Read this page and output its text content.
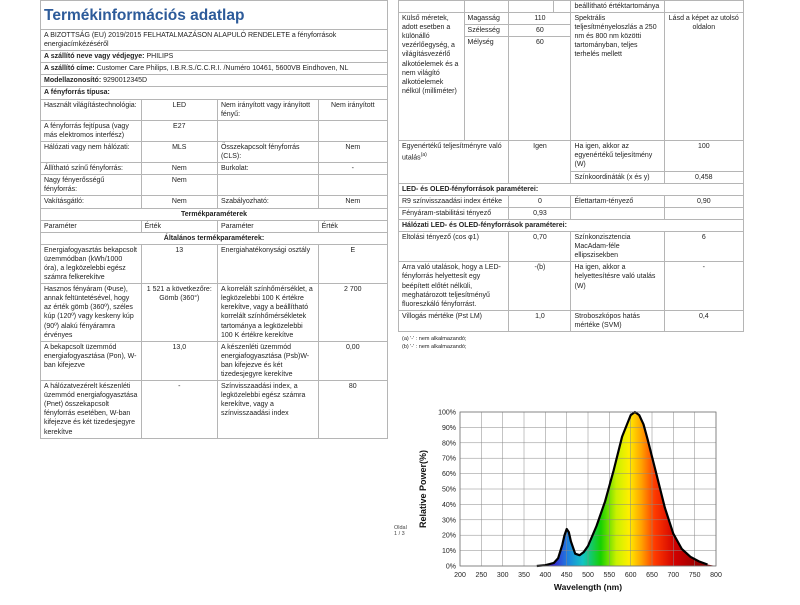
Termékinformációs adatlap			
A BIZOTTSÁG (EU) 2019/2015 FELHATALMAZÁSON ALAPULÓ RENDELETE a fényforrások energiacímkézéséről			
A szállító neve vagy védjegye: PHILIPS			
A szállító címe: Customer Care Philips, I.B.R.S./C.C.R.I. /Numéro 10461, 5600VB Eindhoven, NL			
Modellazonosító: 9290012345D			
A fényforrás típusa:			
Használt világítástechnológia:	LED	Nem irányított vagy irányított fényű:	Nem irányított
A fényforrás fejtípusa (vagy más elektromos interfész)	E27		
Hálózati vagy nem hálózati:	MLS	Összekapcsolt fényforrás (CLS):	Nem
Állítható színű fényforrás:	Nem	Burkolat:	-
Nagy fényerősségű fényforrás:	Nem		
Vakításgátló:	Nem	Szabályozható:	Nem
Termékparaméterek			
Paraméter	Érték	Paraméter	Érték
Általános termékparaméterek:			
Energiafogyasztás bekapcsolt üzemmódban (kWh/1000 óra), a legközelebbi egész számra felkerekítve	13	Energiahatékonysági osztály	E
Hasznos fényáram (Φuse), annak feltüntetésével, hogy az érték gömb (360º), széles kúp (120º) vagy keskeny kúp (90º) alakú fényáramra érvényes	1 521 a következőre: Gömb (360°)	A korrelált színhőmérséklet, a legközelebbi 100 K értékre kerekítve, vagy a beállítható korrelált színhőmérsékletek tartománya a legközelebbi 100 K értékre kerekítve	2 700
A bekapcsolt üzemmód energiafogyasztása (Pon), W-ban kifejezve	13,0	A készenléti üzemmód energiafogyasztása (Psb)W-ban kifejezve és két tizedesjegyre kerekítve	0,00
A hálózatvezérelt készenléti üzemmód energiafogyasztása (Pnet) összekapcsolt fényforrás esetében, W-ban kifejezve és két tizedesjegyre kerekítve	-	Színvisszaadási index, a legközelebbi egész számra kerekítve, vagy a színvisszaadási index	80
Oldal 1 / 3
				beállítható értéktartománya	
Külső méretek, adott esetben a különálló vezérlőegység, a világításvezérlő alkotóelemek és a nem világító alkotóelemek nélkül (milliméter)	Magasság	110		Spektrális teljesítményeloszlás a 250 nm és 800 nm közötti tartományban, teljes terhelés mellett	Lásd a képet az utolsó oldalon
	Szélesség	60			
	Mélység	60			
Egyenértékű teljesítményre való utalás$^{(a)}$		Igen		Ha igen, akkor az egyenértékű teljesítmény (W)	100
				Színkoordináták (x és y)	0,458
LED- és OLED-fényforrások paraméterei:					
R9 színvisszaadási index értéke		0		Élettartam-tényező	0,90
Fényáram-stabilitási tényező		0,93			
Hálózati LED- és OLED-fényforrások paraméterei:					
Eltolási tényező (cos φ1)		0,70		Színkonzisztencia MacAdam-féle ellipszisekben	6
Arra való utalások, hogy a LED-fényforrás helyettesít egy beépített előtét nélküli, meghatározott teljesítményű fluoreszkáló fényforrást.		-(b)		Ha igen, akkor a helyettesítésre való utalás (W)	-
Villogás mértéke (Pst LM)		1,0		Stroboszkópos hatás mértéke (SVM)	0,4
(a) '-' : nem alkalmazandó;
(b) '-' : nem alkalmazandó;
0%
10%
20%
30%
40%
50%
60%
70%
80%
90%
100%
200 250 300 350 400 450 500 550 600 650 700 750 800
Wavelength (nm)
Relative Power(%)
